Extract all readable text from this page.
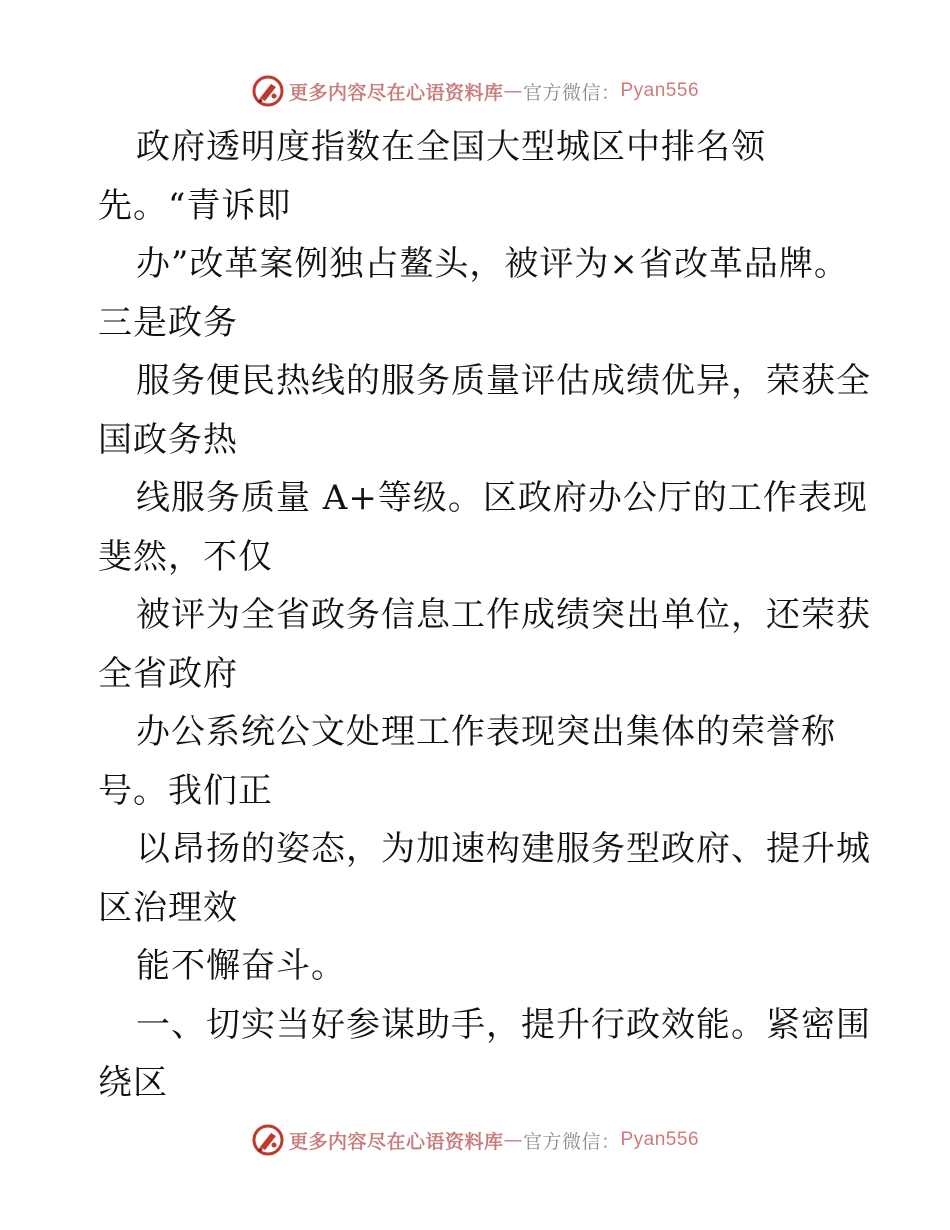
更多内容尽在心语资料库 — 官方微信： Pyan556
政府透明度指数在全国大型城区中排名领
先。“青诉即
办”改革案例独占鳌头，被评为×省改革品牌。
三是政务
服务便民热线的服务质量评估成绩优异，荣获全
国政务热
线服务质量 A+等级。区政府办公厅的工作表现
斐然，不仅
被评为全省政务信息工作成绩突出单位，还荣获
全省政府
办公系统公文处理工作表现突出集体的荣誉称
号。我们正
以昂扬的姿态，为加速构建服务型政府、提升城
区治理效
能不懈奋斗。
一、切实当好参谋助手，提升行政效能。紧密围
绕区
更多内容尽在心语资料库 — 官方微信： Pyan556
